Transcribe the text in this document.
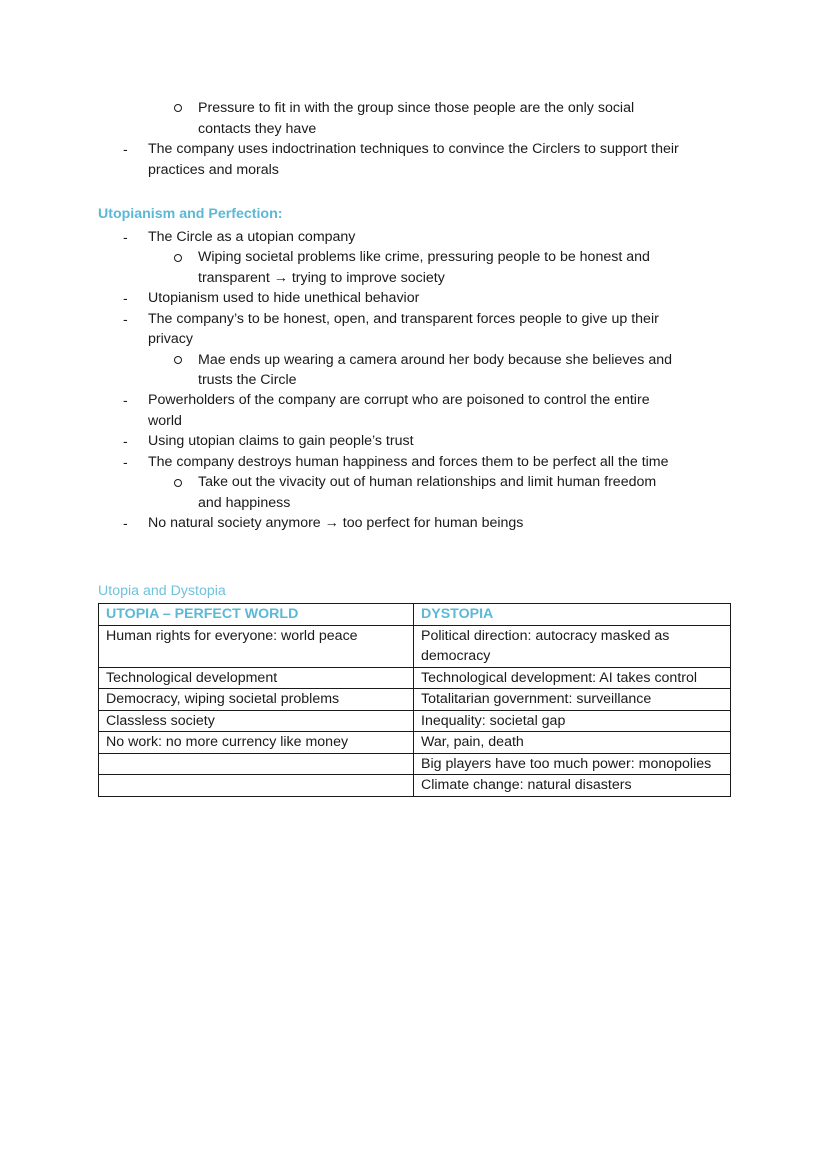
Pressure to fit in with the group since those people are the only social
contacts they have
- The company uses indoctrination techniques to convince the Circlers to support their
practices and morals
Utopianism and Perfection:
- The Circle as a utopian company
Wiping societal problems like crime, pressuring people to be honest and
transparent → trying to improve society
- Utopianism used to hide unethical behavior
- The company’s to be honest, open, and transparent forces people to give up their
privacy
Mae ends up wearing a camera around her body because she believes and
trusts the Circle
- Powerholders of the company are corrupt who are poisoned to control the entire
world
- Using utopian claims to gain people’s trust
- The company destroys human happiness and forces them to be perfect all the time
Take out the vivacity out of human relationships and limit human freedom
and happiness
- No natural society anymore → too perfect for human beings
Utopia and Dystopia
UTOPIA – PERFECT WORLD	DYSTOPIA
Human rights for everyone: world peace	Political direction: autocracy masked as democracy
Technological development	Technological development: AI takes control
Democracy, wiping societal problems	Totalitarian government: surveillance
Classless society	Inequality: societal gap
No work: no more currency like money	War, pain, death
	Big players have too much power: monopolies
	Climate change: natural disasters
